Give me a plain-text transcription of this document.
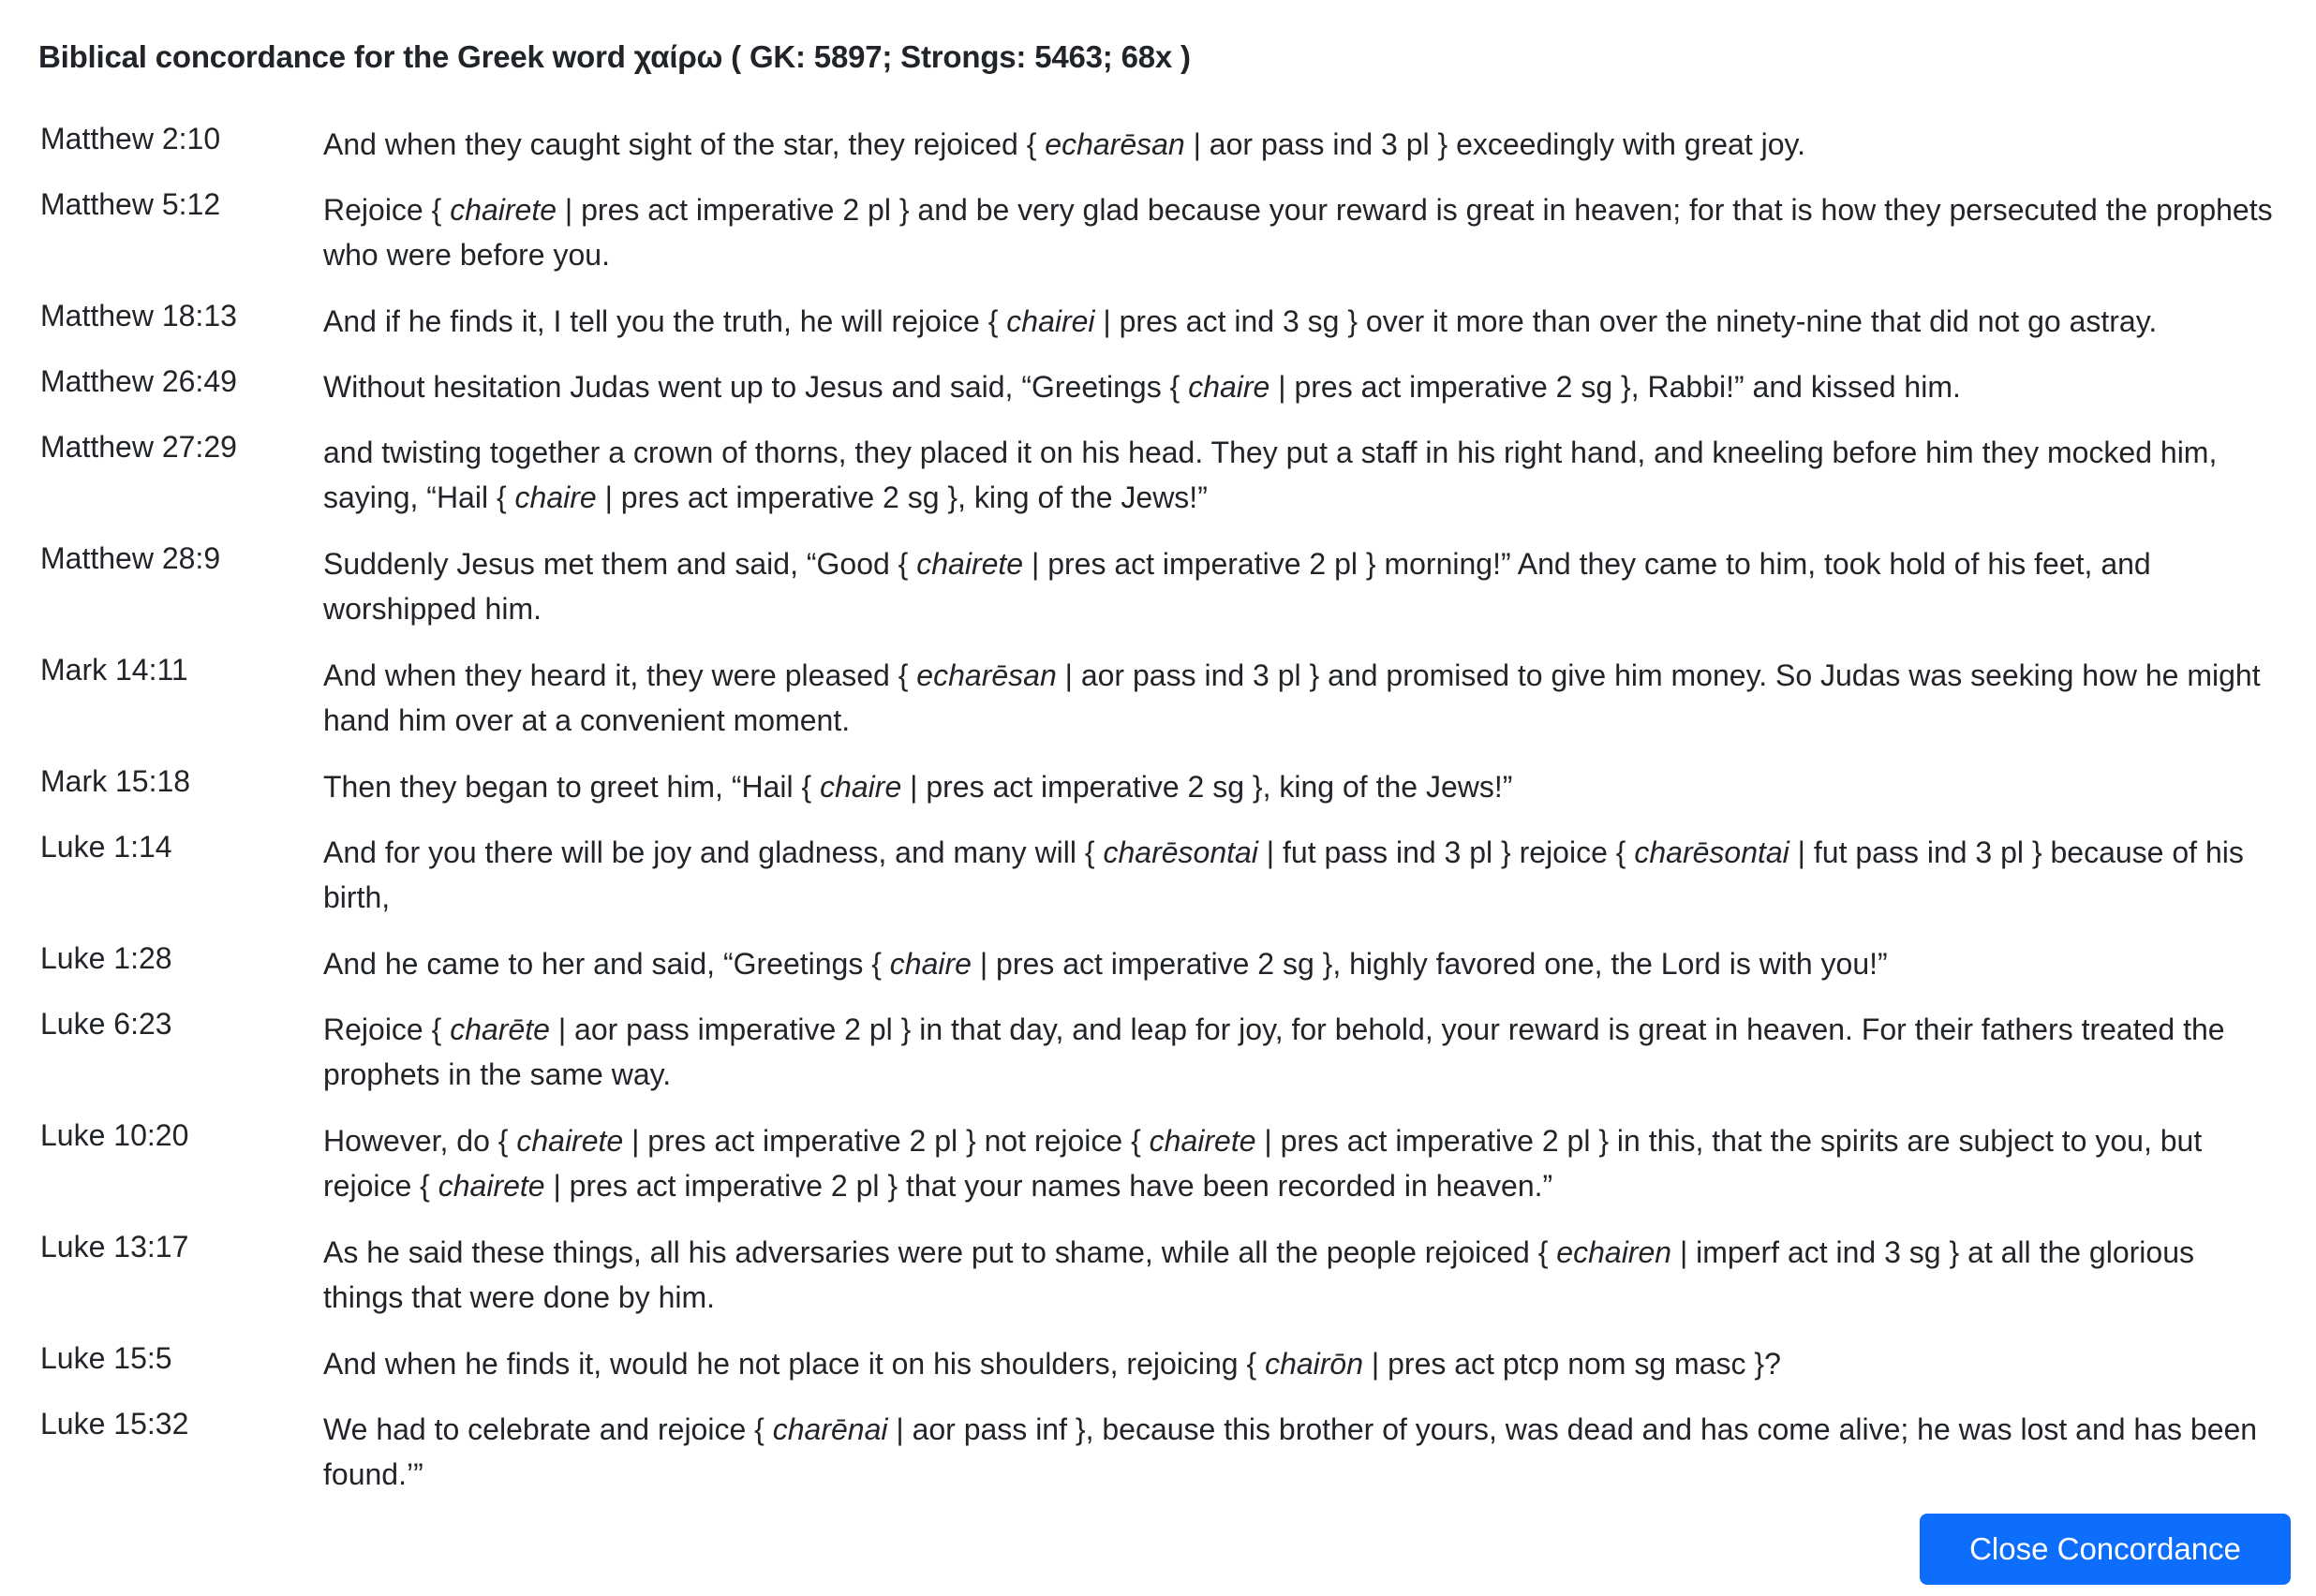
Biblical concordance for the Greek word χαίρω ( GK: 5897; Strongs: 5463; 68x )
Matthew 2:10	And when they caught sight of the star, they rejoiced { echarēsan | aor pass ind 3 pl } exceedingly with great joy.
Matthew 5:12	Rejoice { chairete | pres act imperative 2 pl } and be very glad because your reward is great in heaven; for that is how they persecuted the prophets who were before you.
Matthew 18:13	And if he finds it, I tell you the truth, he will rejoice { chairei | pres act ind 3 sg } over it more than over the ninety-nine that did not go astray.
Matthew 26:49	Without hesitation Judas went up to Jesus and said, “Greetings { chaire | pres act imperative 2 sg }, Rabbi!” and kissed him.
Matthew 27:29	and twisting together a crown of thorns, they placed it on his head. They put a staff in his right hand, and kneeling before him they mocked him, saying, “Hail { chaire | pres act imperative 2 sg }, king of the Jews!”
Matthew 28:9	Suddenly Jesus met them and said, “Good { chairete | pres act imperative 2 pl } morning!” And they came to him, took hold of his feet, and worshipped him.
Mark 14:11	And when they heard it, they were pleased { echarēsan | aor pass ind 3 pl } and promised to give him money. So Judas was seeking how he might hand him over at a convenient moment.
Mark 15:18	Then they began to greet him, “Hail { chaire | pres act imperative 2 sg }, king of the Jews!”
Luke 1:14	And for you there will be joy and gladness, and many will { charēsontai | fut pass ind 3 pl } rejoice { charēsontai | fut pass ind 3 pl } because of his birth,
Luke 1:28	And he came to her and said, “Greetings { chaire | pres act imperative 2 sg }, highly favored one, the Lord is with you!”
Luke 6:23	Rejoice { charēte | aor pass imperative 2 pl } in that day, and leap for joy, for behold, your reward is great in heaven. For their fathers treated the prophets in the same way.
Luke 10:20	However, do { chairete | pres act imperative 2 pl } not rejoice { chairete | pres act imperative 2 pl } in this, that the spirits are subject to you, but rejoice { chairete | pres act imperative 2 pl } that your names have been recorded in heaven.”
Luke 13:17	As he said these things, all his adversaries were put to shame, while all the people rejoiced { echairen | imperf act ind 3 sg } at all the glorious things that were done by him.
Luke 15:5	And when he finds it, would he not place it on his shoulders, rejoicing { chairōn | pres act ptcp nom sg masc }?
Luke 15:32	We had to celebrate and rejoice { charēnai | aor pass inf }, because this brother of yours, was dead and has come alive; he was lost and has been found.’”
Close Concordance
